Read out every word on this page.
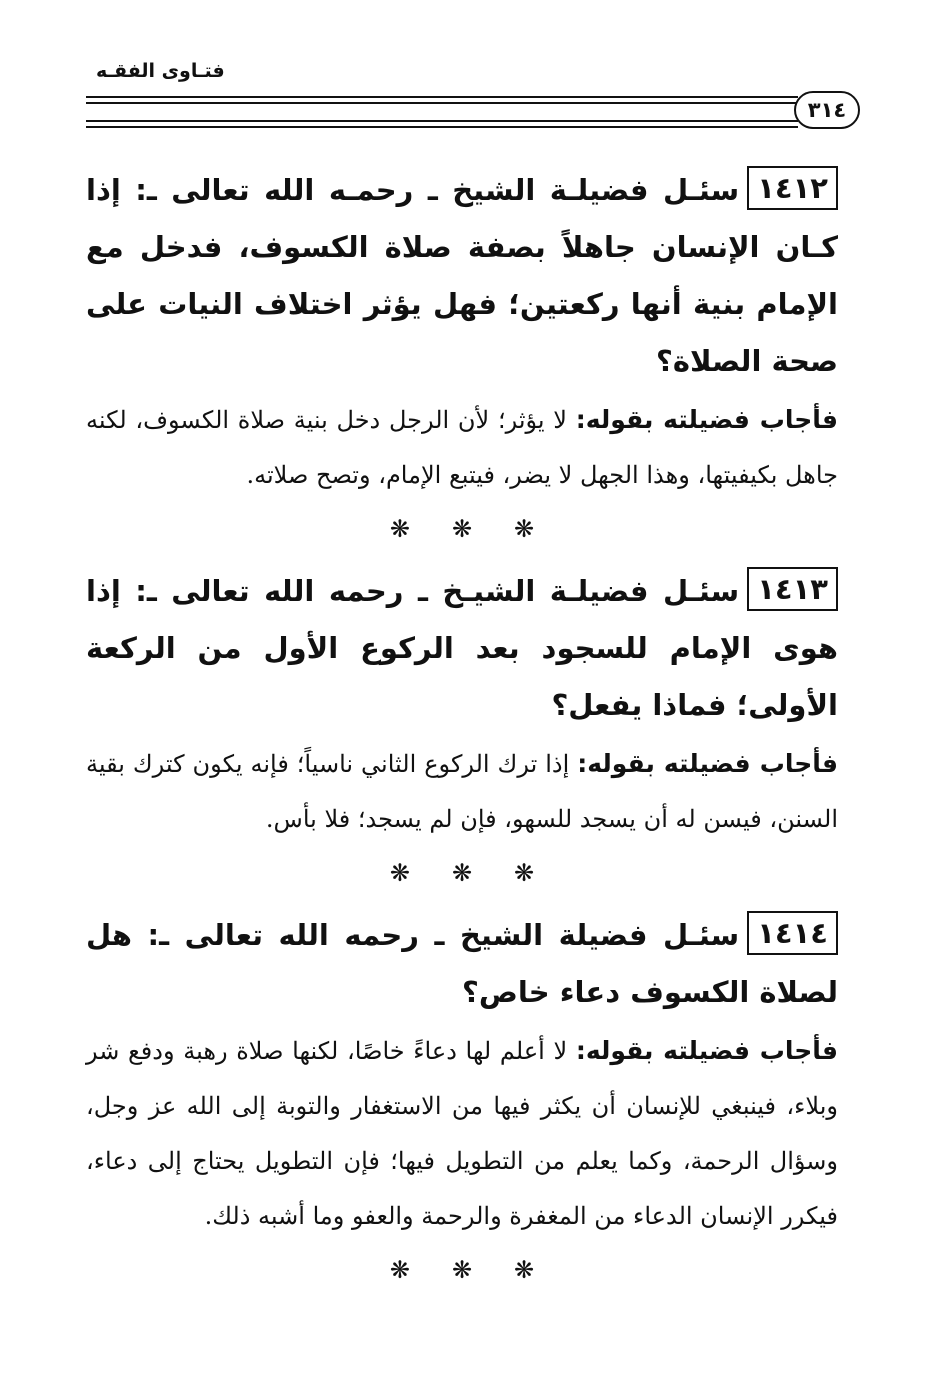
فتـاوى الفقـه
٣١٤

١٤١٢سئـل فضيلـة الشيخ ـ رحمـه الله تعالى ـ: إذا كـان الإنسان جاهلاً بصفة صلاة الكسوف، فدخل مع الإمام بنية أنها ركعتين؛ فهل يؤثر اختلاف النيات على صحة الصلاة؟

فأجاب فضيلته بقوله: لا يؤثر؛ لأن الرجل دخل بنية صلاة الكسوف، لكنه جاهل بكيفيتها، وهذا الجهل لا يضر، فيتبع الإمام، وتصح صلاته.

❋ ❋ ❋

١٤١٣سئـل فضيلـة الشيـخ ـ رحمه الله تعالى ـ: إذا هوى الإمام للسجود بعد الركوع الأول من الركعة الأولى؛ فماذا يفعل؟

فأجاب فضيلته بقوله: إذا ترك الركوع الثاني ناسياً؛ فإنه يكون كترك بقية السنن، فيسن له أن يسجد للسهو، فإن لم يسجد؛ فلا بأس.

❋ ❋ ❋

١٤١٤سئـل فضيلة الشيخ ـ رحمه الله تعالى ـ: هل لصلاة الكسوف دعاء خاص؟

فأجاب فضيلته بقوله: لا أعلم لها دعاءً خاصًا، لكنها صلاة رهبة ودفع شر وبلاء، فينبغي للإنسان أن يكثر فيها من الاستغفار والتوبة إلى الله عز وجل، وسؤال الرحمة، وكما يعلم من التطويل فيها؛ فإن التطويل يحتاج إلى دعاء، فيكرر الإنسان الدعاء من المغفرة والرحمة والعفو وما أشبه ذلك.

❋ ❋ ❋
